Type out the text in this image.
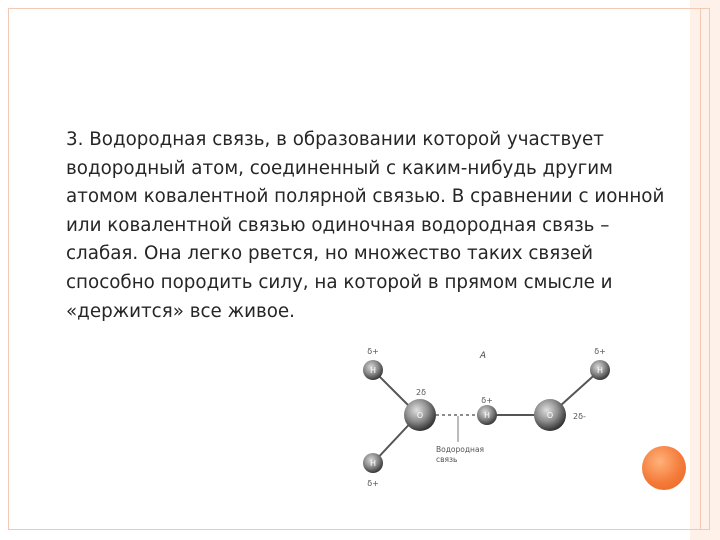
3. Водородная связь, в образовании которой участвует водородный атом, соединенный с каким-нибудь другим атомом ковалентной полярной связью. В сравнении с ионной или ковалентной связью одиночная водородная связь – слабая. Она легко рвется, но множество таких связей способно породить силу, на которой в прямом смысле и «держится» все живое.

H
H
O	H	O
H
δ+
δ+
2δ
δ+
2δ-
δ+
A
Водородная
связь
